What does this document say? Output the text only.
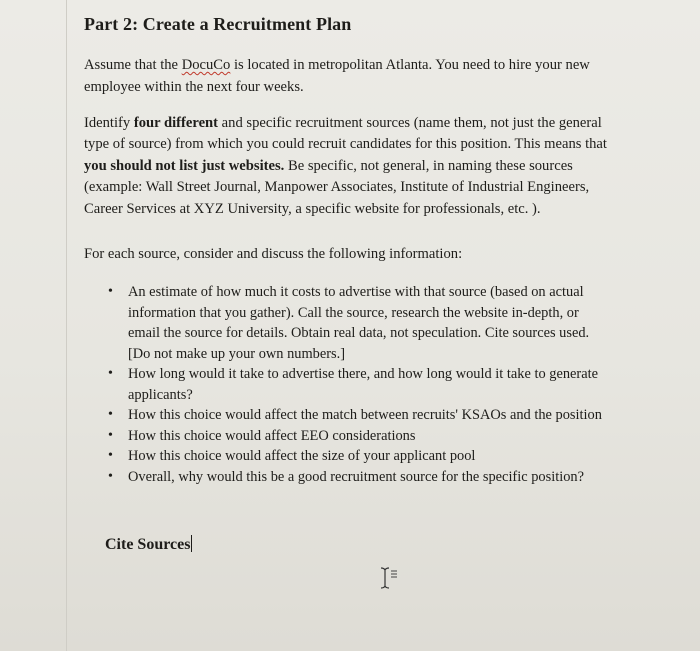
Part 2: Create a Recruitment Plan

Assume that the DocuCo is located in metropolitan Atlanta. You need to hire your new employee within the next four weeks.

Identify four different and specific recruitment sources (name them, not just the general type of source) from which you could recruit candidates for this position. This means that you should not list just websites. Be specific, not general, in naming these sources (example: Wall Street Journal, Manpower Associates, Institute of Industrial Engineers, Career Services at XYZ University, a specific website for professionals, etc. ).

For each source, consider and discuss the following information:

• An estimate of how much it costs to advertise with that source (based on actual information that you gather). Call the source, research the website in-depth, or email the source for details. Obtain real data, not speculation. Cite sources used. [Do not make up your own numbers.]
• How long would it take to advertise there, and how long would it take to generate applicants?
• How this choice would affect the match between recruits' KSAOs and the position
• How this choice would affect EEO considerations
• How this choice would affect the size of your applicant pool
• Overall, why would this be a good recruitment source for the specific position?
Cite Sources
